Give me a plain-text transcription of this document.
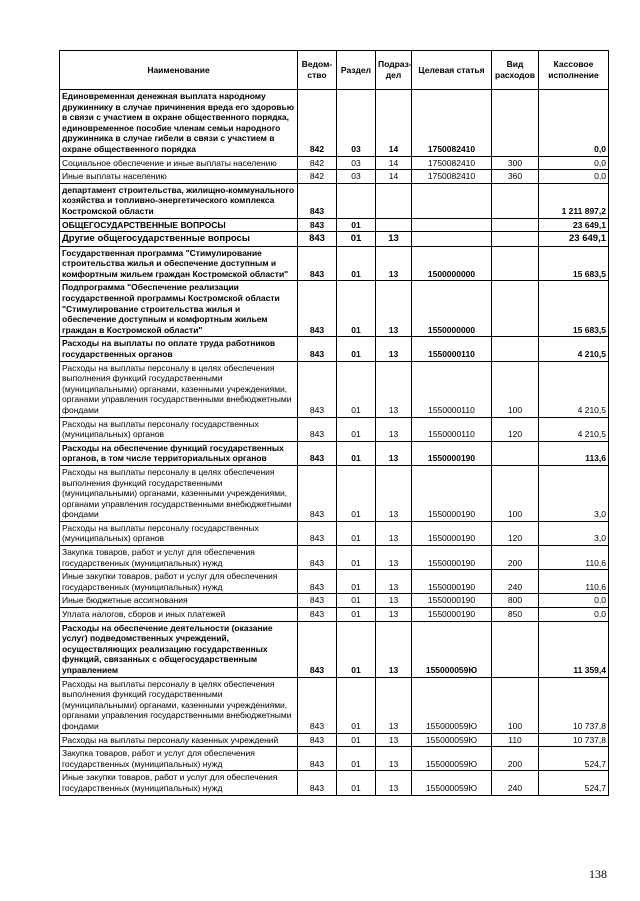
Наименование	Ведом-ство	Раздел	Подраз-дел	Целевая статья	Вид расходов	Кассовое исполнение
Единовременная денежная выплата народному дружиннику в случае причинения вреда его здоровью в связи с участием в охране общественного порядка, единовременное пособие членам семьи народного дружинника в случае гибели в связи с участием в охране общественного порядка	842	03	14	1750082410		0,0
Социальное обеспечение и иные выплаты населению	842	03	14	1750082410	300	0,0
Иные выплаты населению	842	03	14	1750082410	360	0,0
департамент строительства, жилищно-коммунального хозяйства и топливно-энергетического комплекса Костромской области	843					1 211 897,2
ОБЩЕГОСУДАРСТВЕННЫЕ ВОПРОСЫ	843	01				23 649,1
Другие общегосударственные вопросы	843	01	13			23 649,1
Государственная программа "Стимулирование строительства жилья и обеспечение доступным и комфортным жильем граждан Костромской области"	843	01	13	1500000000		15 683,5
Подпрограмма "Обеспечение реализации государственной программы Костромской области "Стимулирование строительства жилья и обеспечение доступным и комфортным жильем граждан в Костромской области"	843	01	13	1550000000		15 683,5
Расходы на выплаты по оплате труда работников государственных органов	843	01	13	1550000110		4 210,5
Расходы на выплаты персоналу в целях обеспечения выполнения функций государственными (муниципальными) органами, казенными учреждениями, органами управления государственными внебюджетными фондами	843	01	13	1550000110	100	4 210,5
Расходы на выплаты персоналу государственных (муниципальных) органов	843	01	13	1550000110	120	4 210,5
Расходы на обеспечение функций государственных органов, в том числе территориальных органов	843	01	13	1550000190		113,6
Расходы на выплаты персоналу в целях обеспечения выполнения функций государственными (муниципальными) органами, казенными учреждениями, органами управления государственными внебюджетными фондами	843	01	13	1550000190	100	3,0
Расходы на выплаты персоналу государственных (муниципальных) органов	843	01	13	1550000190	120	3,0
Закупка товаров, работ и услуг для обеспечения государственных (муниципальных) нужд	843	01	13	1550000190	200	110,6
Иные закупки товаров, работ и услуг для обеспечения государственных (муниципальных) нужд	843	01	13	1550000190	240	110,6
Иные бюджетные ассигнования	843	01	13	1550000190	800	0,0
Уплата налогов, сборов и иных платежей	843	01	13	1550000190	850	0,0
Расходы на обеспечение деятельности (оказание услуг) подведомственных учреждений, осуществляющих реализацию государственных функций, связанных с общегосударственным управлением	843	01	13	155000059Ю		11 359,4
Расходы на выплаты персоналу в целях обеспечения выполнения функций государственными (муниципальными) органами, казенными учреждениями, органами управления государственными внебюджетными фондами	843	01	13	155000059Ю	100	10 737,8
Расходы на выплаты персоналу казенных учреждений	843	01	13	155000059Ю	110	10 737,8
Закупка товаров, работ и услуг для обеспечения государственных (муниципальных) нужд	843	01	13	155000059Ю	200	524,7
Иные закупки товаров, работ и услуг для обеспечения государственных (муниципальных) нужд	843	01	13	155000059Ю	240	524,7
138
